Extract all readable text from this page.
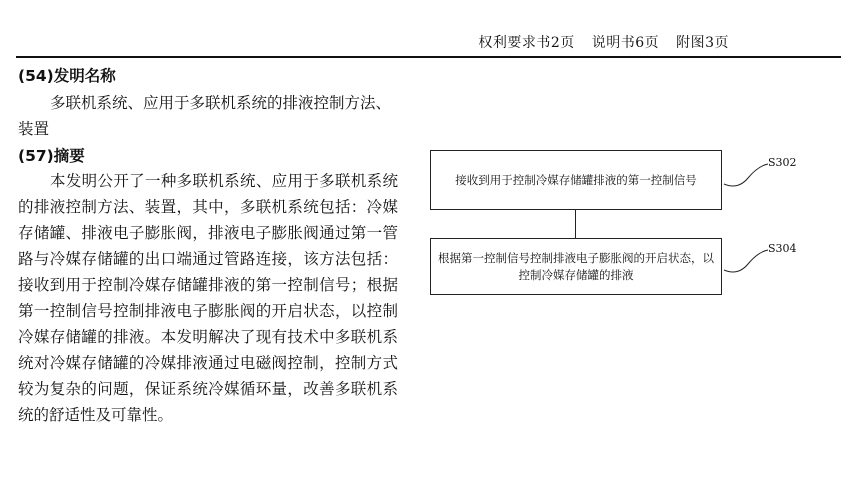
权利要求书2页 说明书6页 附图3页
(54)发明名称

多联机系统、应用于多联机系统的排液控制方法、装置

(57)摘要

本发明公开了一种多联机系统、应用于多联机系统的排液控制方法、装置，其中，多联机系统包括：冷媒存储罐、排液电子膨胀阀，排液电子膨胀阀通过第一管路与冷媒存储罐的出口端通过管路连接，该方法包括：接收到用于控制冷媒存储罐排液的第一控制信号；根据第一控制信号控制排液电子膨胀阀的开启状态，以控制冷媒存储罐的排液。本发明解决了现有技术中多联机系统对冷媒存储罐的冷媒排液通过电磁阀控制，控制方式较为复杂的问题，保证系统冷媒循环量，改善多联机系统的舒适性及可靠性。

接收到用于控制冷媒存储罐排液的第一控制信号
根据第一控制信号控制排液电子膨胀阀的开启状态，以控制冷媒存储罐的排液
S302
S304
